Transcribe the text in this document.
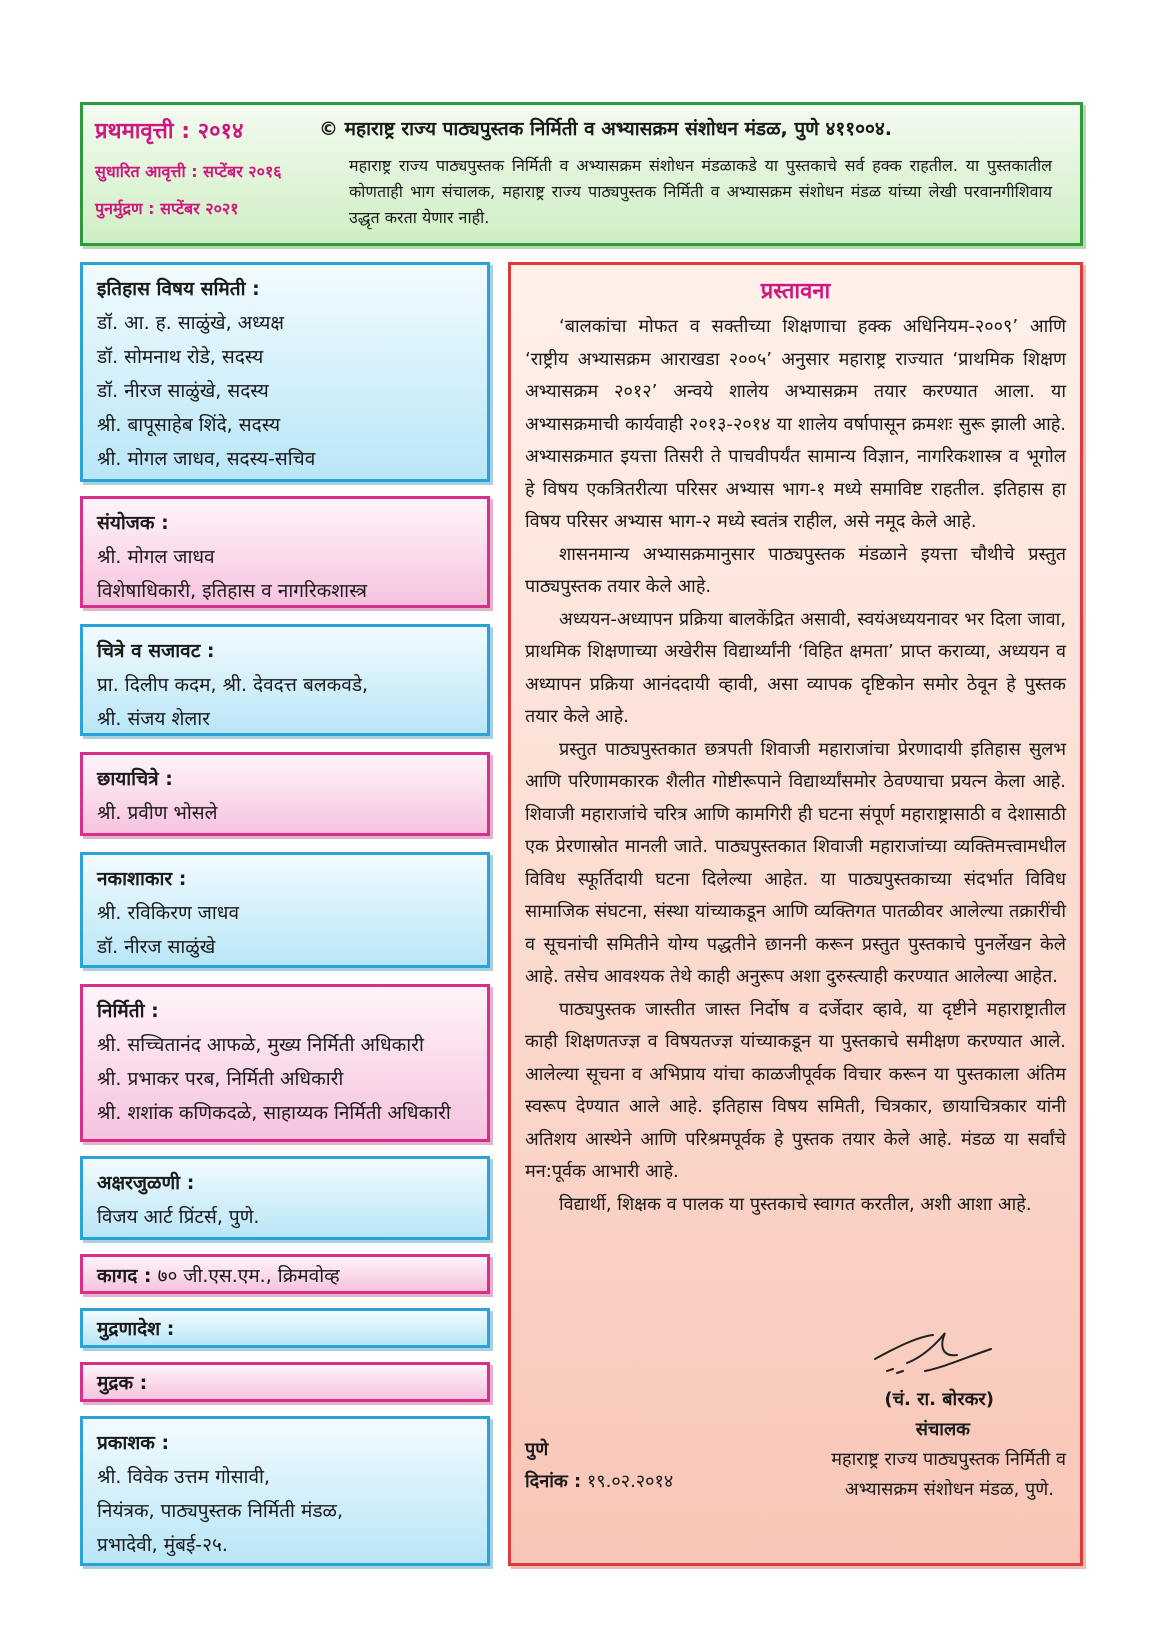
प्रथमावृत्ती : २०१४
सुधारित आवृत्ती : सप्टेंबर २०१६
पुनर्मुद्रण : सप्टेंबर २०२१
© महाराष्ट्र राज्य पाठ्यपुस्तक निर्मिती व अभ्यासक्रम संशोधन मंडळ, पुणे ४११००४.
महाराष्ट्र राज्य पाठ्यपुस्तक निर्मिती व अभ्यासक्रम संशोधन मंडळाकडे या पुस्तकाचे सर्व हक्क राहतील. या पुस्तकातील कोणताही भाग संचालक, महाराष्ट्र राज्य पाठ्यपुस्तक निर्मिती व अभ्यासक्रम संशोधन मंडळ यांच्या लेखी परवानगीशिवाय उद्धृत करता येणार नाही.
इतिहास विषय समिती :
डॉ. आ. ह. साळुंखे, अध्यक्ष
डॉ. सोमनाथ रोडे, सदस्य
डॉ. नीरज साळुंखे, सदस्य
श्री. बापूसाहेब शिंदे, सदस्य
श्री. मोगल जाधव, सदस्य-सचिव
संयोजक :
श्री. मोगल जाधव
विशेषाधिकारी, इतिहास व नागरिकशास्त्र
चित्रे व सजावट :
प्रा. दिलीप कदम, श्री. देवदत्त बलकवडे,
श्री. संजय शेलार
छायाचित्रे :
श्री. प्रवीण भोसले
नकाशाकार :
श्री. रविकिरण जाधव
डॉ. नीरज साळुंखे
निर्मिती :
श्री. सच्चितानंद आफळे, मुख्य निर्मिती अधिकारी
श्री. प्रभाकर परब, निर्मिती अधिकारी
श्री. शशांक कणिकदळे, साहाय्यक निर्मिती अधिकारी
अक्षरजुळणी :
विजय आर्ट प्रिंटर्स, पुणे.
कागद : ७० जी.एस.एम., क्रिमवोव्ह
मुद्रणादेश :
मुद्रक :
प्रकाशक :
श्री. विवेक उत्तम गोसावी,
नियंत्रक, पाठ्यपुस्तक निर्मिती मंडळ,
प्रभादेवी, मुंबई-२५.
प्रस्तावना

‘बालकांचा मोफत व सक्तीच्या शिक्षणाचा हक्क अधिनियम-२००९’ आणि ‘राष्ट्रीय अभ्यासक्रम आराखडा २००५’ अनुसार महाराष्ट्र राज्यात ‘प्राथमिक शिक्षण अभ्यासक्रम २०१२’ अन्वये शालेय अभ्यासक्रम तयार करण्यात आला. या अभ्यासक्रमाची कार्यवाही २०१३-२०१४ या शालेय वर्षापासून क्रमशः सुरू झाली आहे. अभ्यासक्रमात इयत्ता तिसरी ते पाचवीपर्यंत सामान्य विज्ञान, नागरिकशास्त्र व भूगोल हे विषय एकत्रितरीत्या परिसर अभ्यास भाग-१ मध्ये समाविष्ट राहतील. इतिहास हा विषय परिसर अभ्यास भाग-२ मध्ये स्वतंत्र राहील, असे नमूद केले आहे.

शासनमान्य अभ्यासक्रमानुसार पाठ्यपुस्तक मंडळाने इयत्ता चौथीचे प्रस्तुत पाठ्यपुस्तक तयार केले आहे.

अध्ययन-अध्यापन प्रक्रिया बालकेंद्रित असावी, स्वयंअध्ययनावर भर दिला जावा, प्राथमिक शिक्षणाच्या अखेरीस विद्यार्थ्यांनी ‘विहित क्षमता’ प्राप्त कराव्या, अध्ययन व अध्यापन प्रक्रिया आनंददायी व्हावी, असा व्यापक दृष्टिकोन समोर ठेवून हे पुस्तक तयार केले आहे.

प्रस्तुत पाठ्यपुस्तकात छत्रपती शिवाजी महाराजांचा प्रेरणादायी इतिहास सुलभ आणि परिणामकारक शैलीत गोष्टीरूपाने विद्यार्थ्यांसमोर ठेवण्याचा प्रयत्न केला आहे. शिवाजी महाराजांचे चरित्र आणि कामगिरी ही घटना संपूर्ण महाराष्ट्रासाठी व देशासाठी एक प्रेरणास्रोत मानली जाते. पाठ्यपुस्तकात शिवाजी महाराजांच्या व्यक्तिमत्त्वामधील विविध स्फूर्तिदायी घटना दिलेल्या आहेत. या पाठ्यपुस्तकाच्या संदर्भात विविध सामाजिक संघटना, संस्था यांच्याकडून आणि व्यक्तिगत पातळीवर आलेल्या तक्रारींची व सूचनांची समितीने योग्य पद्धतीने छाननी करून प्रस्तुत पुस्तकाचे पुनर्लेखन केले आहे. तसेच आवश्यक तेथे काही अनुरूप अशा दुरुस्त्याही करण्यात आलेल्या आहेत.

पाठ्यपुस्तक जास्तीत जास्त निर्दोष व दर्जेदार व्हावे, या दृष्टीने महाराष्ट्रातील काही शिक्षणतज्ज्ञ व विषयतज्ज्ञ यांच्याकडून या पुस्तकाचे समीक्षण करण्यात आले. आलेल्या सूचना व अभिप्राय यांचा काळजीपूर्वक विचार करून या पुस्तकाला अंतिम स्वरूप देण्यात आले आहे. इतिहास विषय समिती, चित्रकार, छायाचित्रकार यांनी अतिशय आस्थेने आणि परिश्रमपूर्वक हे पुस्तक तयार केले आहे. मंडळ या सर्वांचे मन:पूर्वक आभारी आहे.

विद्यार्थी, शिक्षक व पालक या पुस्तकाचे स्वागत करतील, अशी आशा आहे.

(चं. रा. बोरकर)
संचालक
महाराष्ट्र राज्य पाठ्यपुस्तक निर्मिती व
अभ्यासक्रम संशोधन मंडळ, पुणे.
पुणे
दिनांक : १९.०२.२०१४
